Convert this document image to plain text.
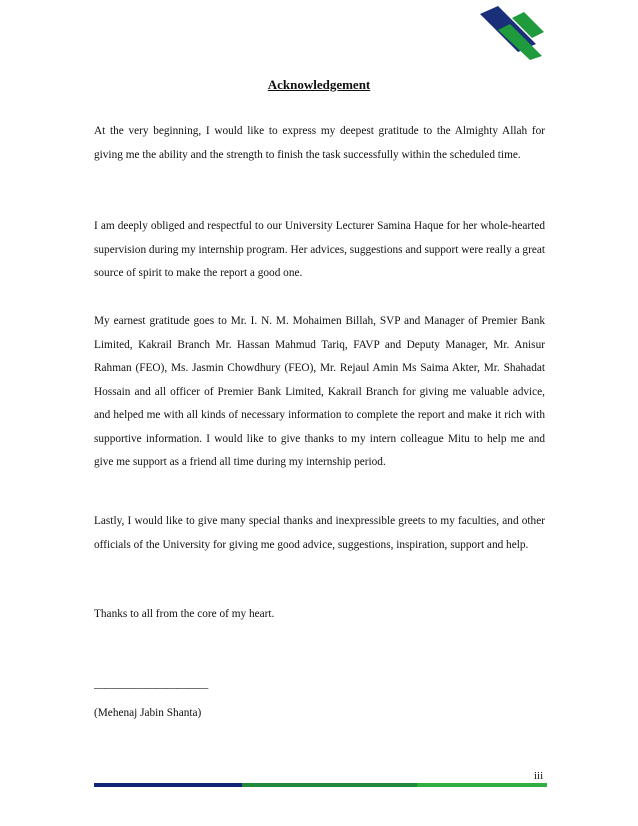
Acknowledgement

At the very beginning, I would like to express my deepest gratitude to the Almighty Allah for giving me the ability and the strength to finish the task successfully within the scheduled time.

I am deeply obliged and respectful to our University Lecturer Samina Haque for her whole-hearted supervision during my internship program. Her advices, suggestions and support were really a great source of spirit to make the report a good one.

My earnest gratitude goes to Mr. I. N. M. Mohaimen Billah, SVP and Manager of Premier Bank Limited, Kakrail Branch Mr. Hassan Mahmud Tariq, FAVP and Deputy Manager, Mr. Anisur Rahman (FEO), Ms. Jasmin Chowdhury (FEO), Mr. Rejaul Amin Ms Saima Akter, Mr. Shahadat Hossain and all officer of Premier Bank Limited, Kakrail Branch for giving me valuable advice, and helped me with all kinds of necessary information to complete the report and make it rich with supportive information. I would like to give thanks to my intern colleague Mitu to help me and give me support as a friend all time during my internship period.

Lastly, I would like to give many special thanks and inexpressible greets to my faculties, and other officials of the University for giving me good advice, suggestions, inspiration, support and help.

Thanks to all from the core of my heart.

———————————
(Mehenaj Jabin Shanta)
iii
